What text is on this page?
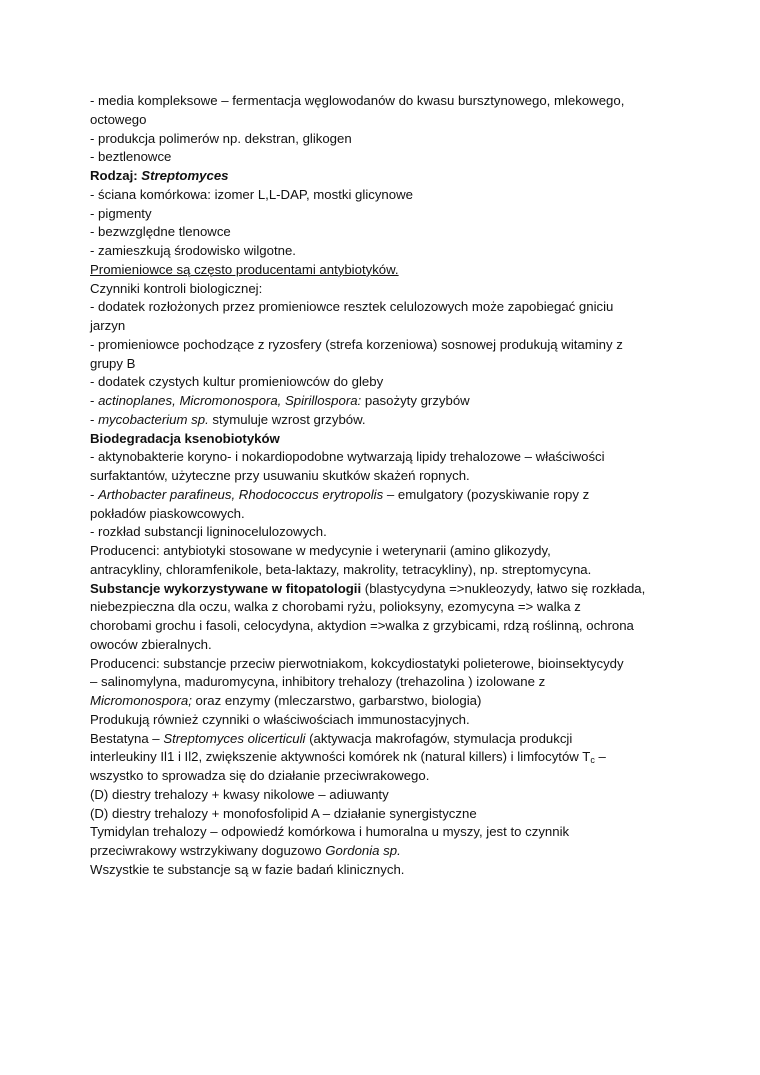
- media kompleksowe – fermentacja węglowodanów do kwasu bursztynowego, mlekowego,
octowego
- produkcja polimerów np. dekstran, glikogen
- beztlenowce
Rodzaj: Streptomyces
- ściana komórkowa: izomer L,L-DAP, mostki glicynowe
- pigmenty
- bezwzględne tlenowce
- zamieszkują środowisko wilgotne.
Promieniowce są często producentami antybiotyków.
Czynniki kontroli biologicznej:
- dodatek rozłożonych przez promieniowce resztek celulozowych może zapobiegać gniciu
jarzyn
- promieniowce pochodzące z ryzosfery (strefa korzeniowa) sosnowej produkują witaminy z
grupy B
- dodatek czystych kultur promieniowców do gleby
- actinoplanes, Micromonospora, Spirillospora: pasożyty grzybów
- mycobacterium sp. stymuluje wzrost grzybów.
Biodegradacja ksenobiotyków
- aktynobakterie koryno- i nokardiopodobne wytwarzają lipidy trehalozowe – właściwości
surfaktantów, użyteczne przy usuwaniu skutków skażeń ropnych.
- Arthobacter parafineus, Rhodococcus erytropolis – emulgatory (pozyskiwanie ropy z
pokładów piaskowcowych.
- rozkład substancji ligninocelulozowych.
Producenci: antybiotyki stosowane w medycynie i weterynarii (amino glikozydy,
antracykliny, chloramfenikole, beta-laktazy, makrolity, tetracykliny), np. streptomycyna.
Substancje wykorzystywane w fitopatologii (blastycydyna =>nukleozydy, łatwo się rozkłada,
niebezpieczna dla oczu, walka z chorobami ryżu, polioksyny, ezomycyna => walka z
chorobami grochu i fasoli, celocydyna, aktydion =>walka z grzybicami, rdzą roślinną, ochrona
owoców zbieralnych.
Producenci: substancje przeciw pierwotniakom, kokcydiostatyki polieterowe, bioinsektycydy
– salinomylyna, maduromycyna, inhibitory trehalozy (trehazolina ) izolowane z
Micromonospora; oraz enzymy (mleczarstwo, garbarstwo, biologia)
Produkują również czynniki o właściwościach immunostacyjnych.
Bestatyna – Streptomyces olicerticuli (aktywacja makrofagów, stymulacja produkcji
interleukiny Il1 i Il2, zwiększenie aktywności komórek nk (natural killers) i limfocytów $T_c$ –
wszystko to sprowadza się do działanie przeciwrakowego.
(D) diestry trehalozy + kwasy nikolowe – adiuwanty
(D) diestry trehalozy + monofosfolipid A – działanie synergistyczne
Tymidylan trehalozy – odpowiedź komórkowa i humoralna u myszy, jest to czynnik
przeciwrakowy wstrzykiwany doguzowo Gordonia sp.
Wszystkie te substancje są w fazie badań klinicznych.
